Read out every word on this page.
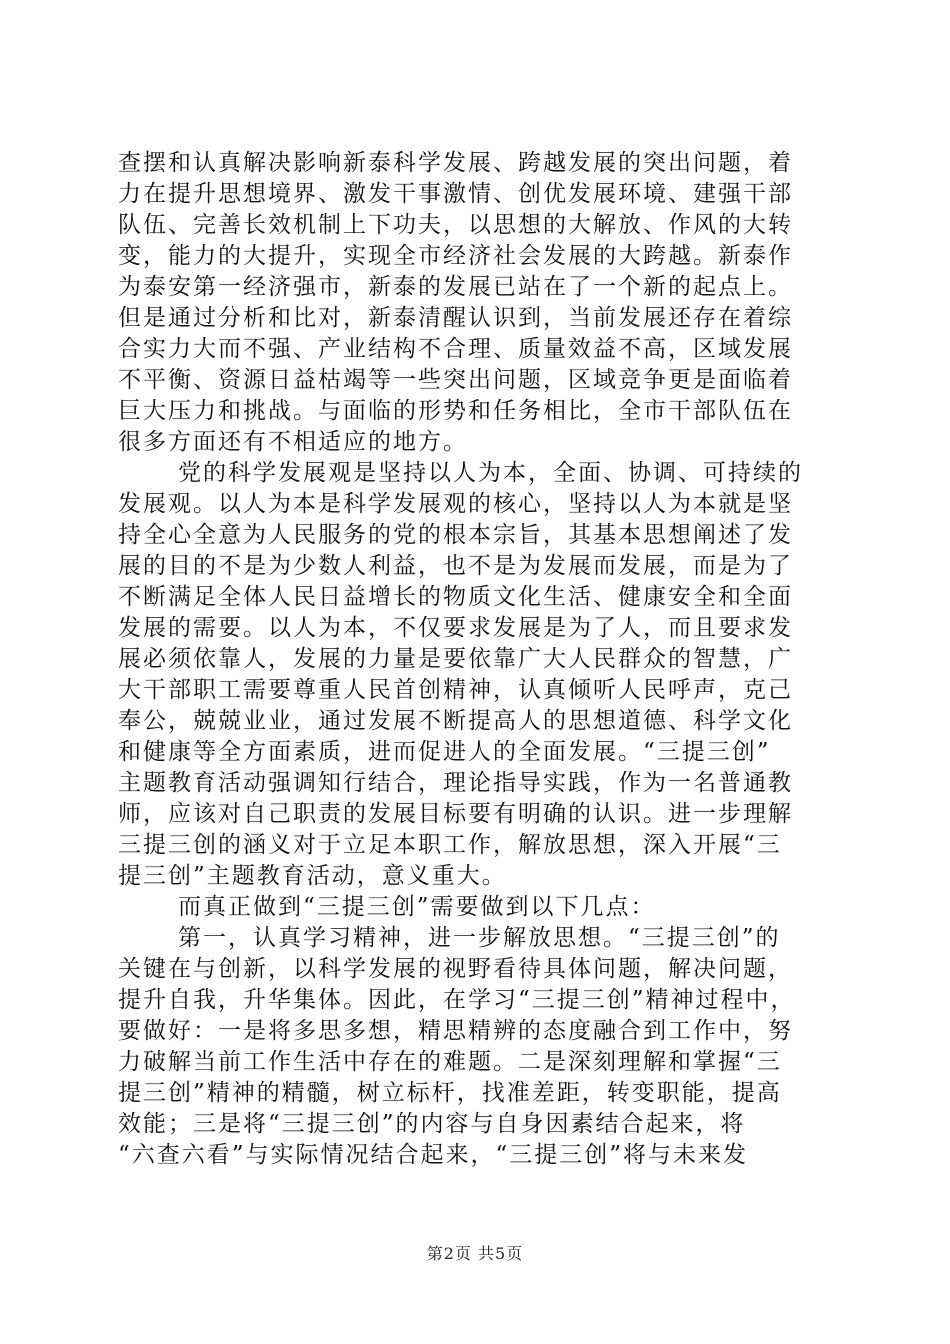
查摆和认真解决影响新泰科学发展、跨越发展的突出问题，着
力在提升思想境界、激发干事激情、创优发展环境、建强干部
队伍、完善长效机制上下功夫，以思想的大解放、作风的大转
变，能力的大提升，实现全市经济社会发展的大跨越。新泰作
为泰安第一经济强市，新泰的发展已站在了一个新的起点上。
但是通过分析和比对，新泰清醒认识到，当前发展还存在着综
合实力大而不强、产业结构不合理、质量效益不高，区域发展
不平衡、资源日益枯竭等一些突出问题，区域竞争更是面临着
巨大压力和挑战。与面临的形势和任务相比，全市干部队伍在
很多方面还有不相适应的地方。
党的科学发展观是坚持以人为本，全面、协调、可持续的
发展观。以人为本是科学发展观的核心，坚持以人为本就是坚
持全心全意为人民服务的党的根本宗旨，其基本思想阐述了发
展的目的不是为少数人利益，也不是为发展而发展，而是为了
不断满足全体人民日益增长的物质文化生活、健康安全和全面
发展的需要。以人为本，不仅要求发展是为了人，而且要求发
展必须依靠人，发展的力量是要依靠广大人民群众的智慧，广
大干部职工需要尊重人民首创精神，认真倾听人民呼声，克己
奉公，兢兢业业，通过发展不断提高人的思想道德、科学文化
和健康等全方面素质，进而促进人的全面发展。“三提三创”
主题教育活动强调知行结合，理论指导实践，作为一名普通教
师，应该对自己职责的发展目标要有明确的认识。进一步理解
三提三创的涵义对于立足本职工作，解放思想，深入开展“三
提三创”主题教育活动，意义重大。
而真正做到“三提三创”需要做到以下几点：
第一，认真学习精神，进一步解放思想。“三提三创”的
关键在与创新，以科学发展的视野看待具体问题，解决问题，
提升自我，升华集体。因此，在学习“三提三创”精神过程中，
要做好：一是将多思多想，精思精辨的态度融合到工作中，努
力破解当前工作生活中存在的难题。二是深刻理解和掌握“三
提三创”精神的精髓，树立标杆，找准差距，转变职能，提高
效能；三是将“三提三创”的内容与自身因素结合起来，将
“六查六看”与实际情况结合起来，“三提三创”将与未来发
第2页 共5页
